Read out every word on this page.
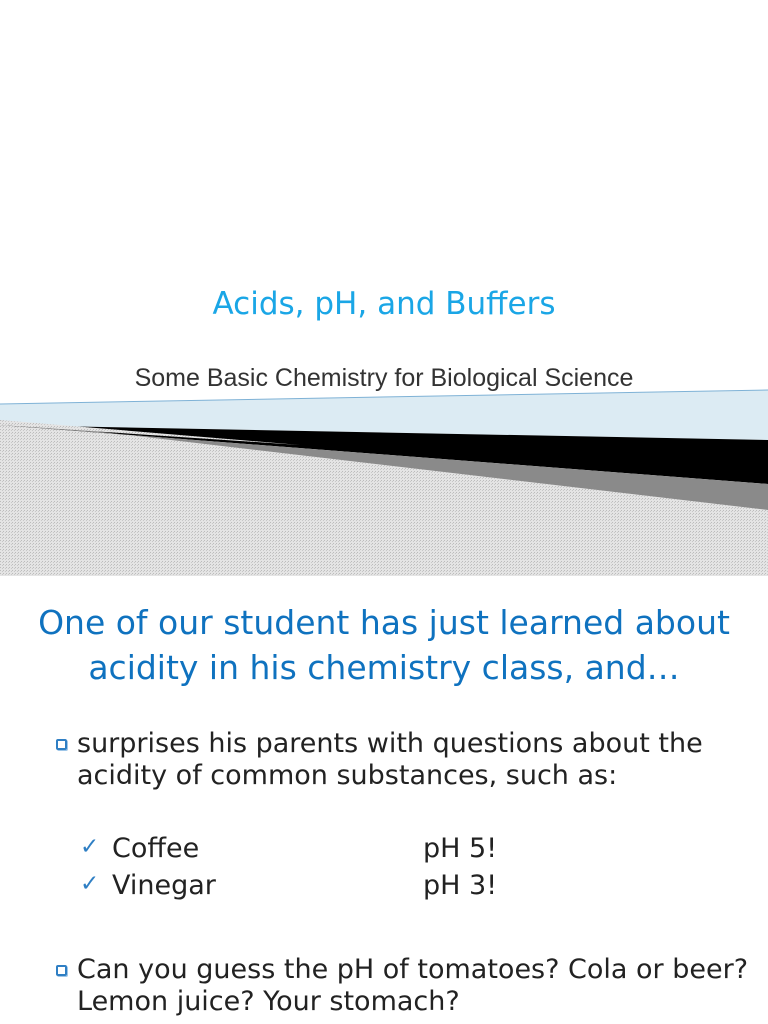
Acids, pH, and Buffers
Some Basic Chemistry for Biological Science
One of our student has just learned about acidity in his chemistry class, and…
surprises his parents with questions about the acidity of common substances, such as:
✓ Coffee	pH 5!
✓ Vinegar	pH 3!
Can you guess the pH of tomatoes? Cola or beer? Lemon juice? Your stomach?
